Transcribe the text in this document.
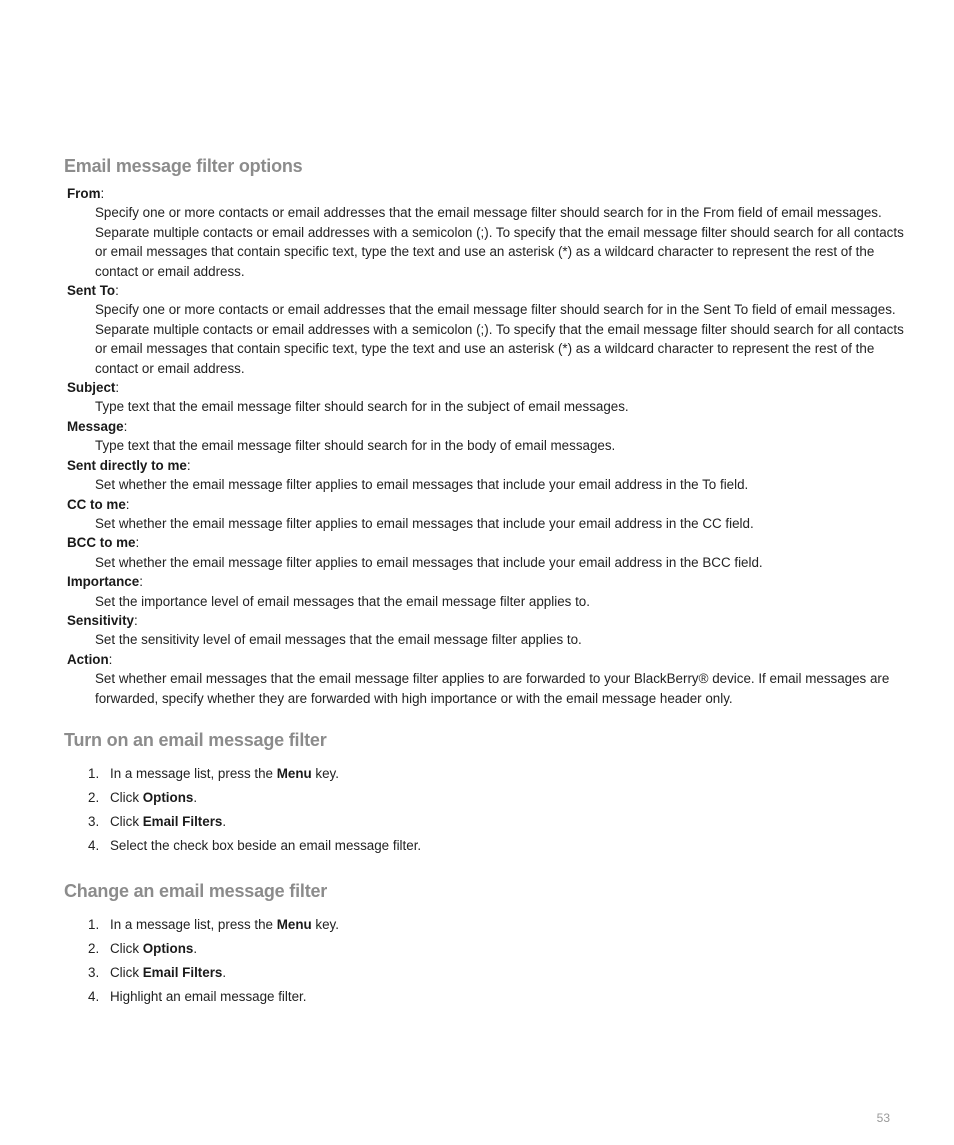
Email message filter options
From:
Specify one or more contacts or email addresses that the email message filter should search for in the From field of email messages. Separate multiple contacts or email addresses with a semicolon (;). To specify that the email message filter should search for all contacts or email messages that contain specific text, type the text and use an asterisk (*) as a wildcard character to represent the rest of the contact or email address.
Sent To:
Specify one or more contacts or email addresses that the email message filter should search for in the Sent To field of email messages. Separate multiple contacts or email addresses with a semicolon (;). To specify that the email message filter should search for all contacts or email messages that contain specific text, type the text and use an asterisk (*) as a wildcard character to represent the rest of the contact or email address.
Subject:
Type text that the email message filter should search for in the subject of email messages.
Message:
Type text that the email message filter should search for in the body of email messages.
Sent directly to me:
Set whether the email message filter applies to email messages that include your email address in the To field.
CC to me:
Set whether the email message filter applies to email messages that include your email address in the CC field.
BCC to me:
Set whether the email message filter applies to email messages that include your email address in the BCC field.
Importance:
Set the importance level of email messages that the email message filter applies to.
Sensitivity:
Set the sensitivity level of email messages that the email message filter applies to.
Action:
Set whether email messages that the email message filter applies to are forwarded to your BlackBerry® device. If email messages are forwarded, specify whether they are forwarded with high importance or with the email message header only.
Turn on an email message filter
1. In a message list, press the Menu key.
2. Click Options.
3. Click Email Filters.
4. Select the check box beside an email message filter.
Change an email message filter
1. In a message list, press the Menu key.
2. Click Options.
3. Click Email Filters.
4. Highlight an email message filter.
53
